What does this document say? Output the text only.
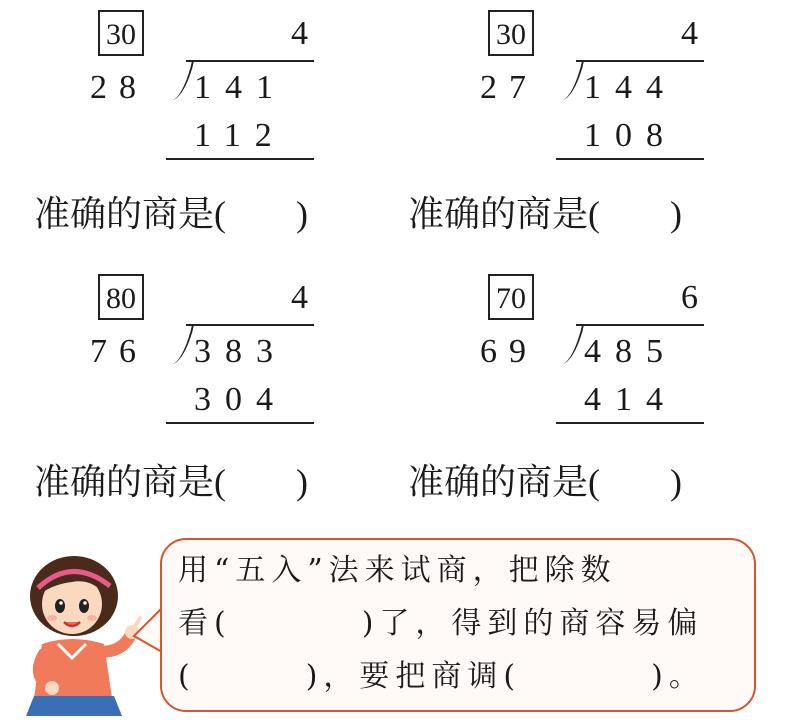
30	4
28 141
112
30	4
27 144
108
80	4
76 383
304
70	6
69 485
414
准确的商是( )	准确的商是( )
准确的商是( )	准确的商是( )
用“五入”法来试商，把除数
看(	)了，得到的商容易偏
(	)，要把商调(	)。
